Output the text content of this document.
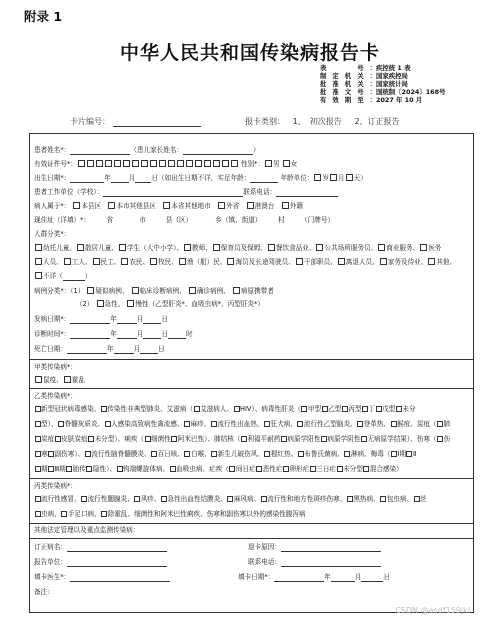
附录 1
中华人民共和国传染病报告卡
表　　号：疾控统 1 表
制定机关：国家疾控局
批准机关：国家统计局
批准文号：国统制〔2024〕168号
有效期至：2027 年 10 月
卡片编号：	报卡类别： 1、　初次报告 2、订正报告
患者姓名*：	（患儿家长姓名：	）
有效证件号*：	性别*： 男 女
出生日期*：	年	月 日（如出生日期不详，实足年龄：	年龄单位： 岁 月 天）
患者工作单位（学校）：	联系电话：
病人属于*： 本县区 本市其他县区 本省其他地市 外省 港澳台 外籍
现住址（详填）*：　　　省　　　　市　　　县（区）　　　　乡（镇、街道）　　　村　　　（门牌号）
人群分类*：
幼托儿童、 散居儿童、 学生（大中小学）、 教师、 保育员及保姆、 餐饮食品业、 公共场所服务员、 商业服务、 医务
人员、 工人、 民工、 农民、 牧民、 渔（船）民、 海员及长途驾驶员、 干部职员、 离退人员、 家务及待业、 其他、
不详（	）
病例分类*：（1） 疑似病例、 临床诊断病例、 确诊病例、 病原携带者
（2） 急性、 慢性（乙型肝炎*、血吸虫病*、丙型肝炎*）
发病日期*：	年	月	日
诊断时间*：	年	月	日	时
死亡日期：	年	月	日
甲类传染病*：
鼠疫、 霍乱
乙类传染病*：
新型冠状病毒感染、 传染性非典型肺炎、艾滋病（ 艾滋病人、 HIV）、病毒性肝炎（ 甲型 乙型 丙型 丁 戊型 未分
型）、 脊髓灰质炎、 人感染高致病性禽流感、 麻疹、 流行性出血热、 狂犬病、 流行性乙型脑炎、 登革热、 猴痘、炭疽（ 肺
炭疽 皮肤炭疽 未分型）、痢疾（ 细菌性 阿米巴性）、肺结核（ 利福平耐药 病原学阳性 病原学阴性 无病原学结果）、伤寒（ 伤
寒 副伤寒）、 流行性脑脊髓膜炎、 百日咳、 白喉、 新生儿破伤风、 猩红热、 布鲁氏菌病、 淋病、梅毒（ Ⅰ期 Ⅱ
期 Ⅲ期 胎传 隐性）、 钩端螺旋体病、 血吸虫病、疟疾（ 间日疟 恶性疟 卵形疟 三日疟 未分型 混合感染）
丙类传染病*：
流行性感冒、 流行性腮腺炎、 风疹、 急性出血性结膜炎、 麻风病、 流行性和地方性斑疹伤寒、 黑热病、 包虫病、 丝
虫病、 手足口病、 除霍乱、细菌性和阿米巴性痢疾、伤寒和副伤寒以外的感染性腹泻病
其他法定管理以及重点监测传染病：
订正病名：	退卡原因：
报告单位：	联系电话：
填卡医生*：	填卡日期*：	年	月	日
备注：
CSDN @asdf159jkl
